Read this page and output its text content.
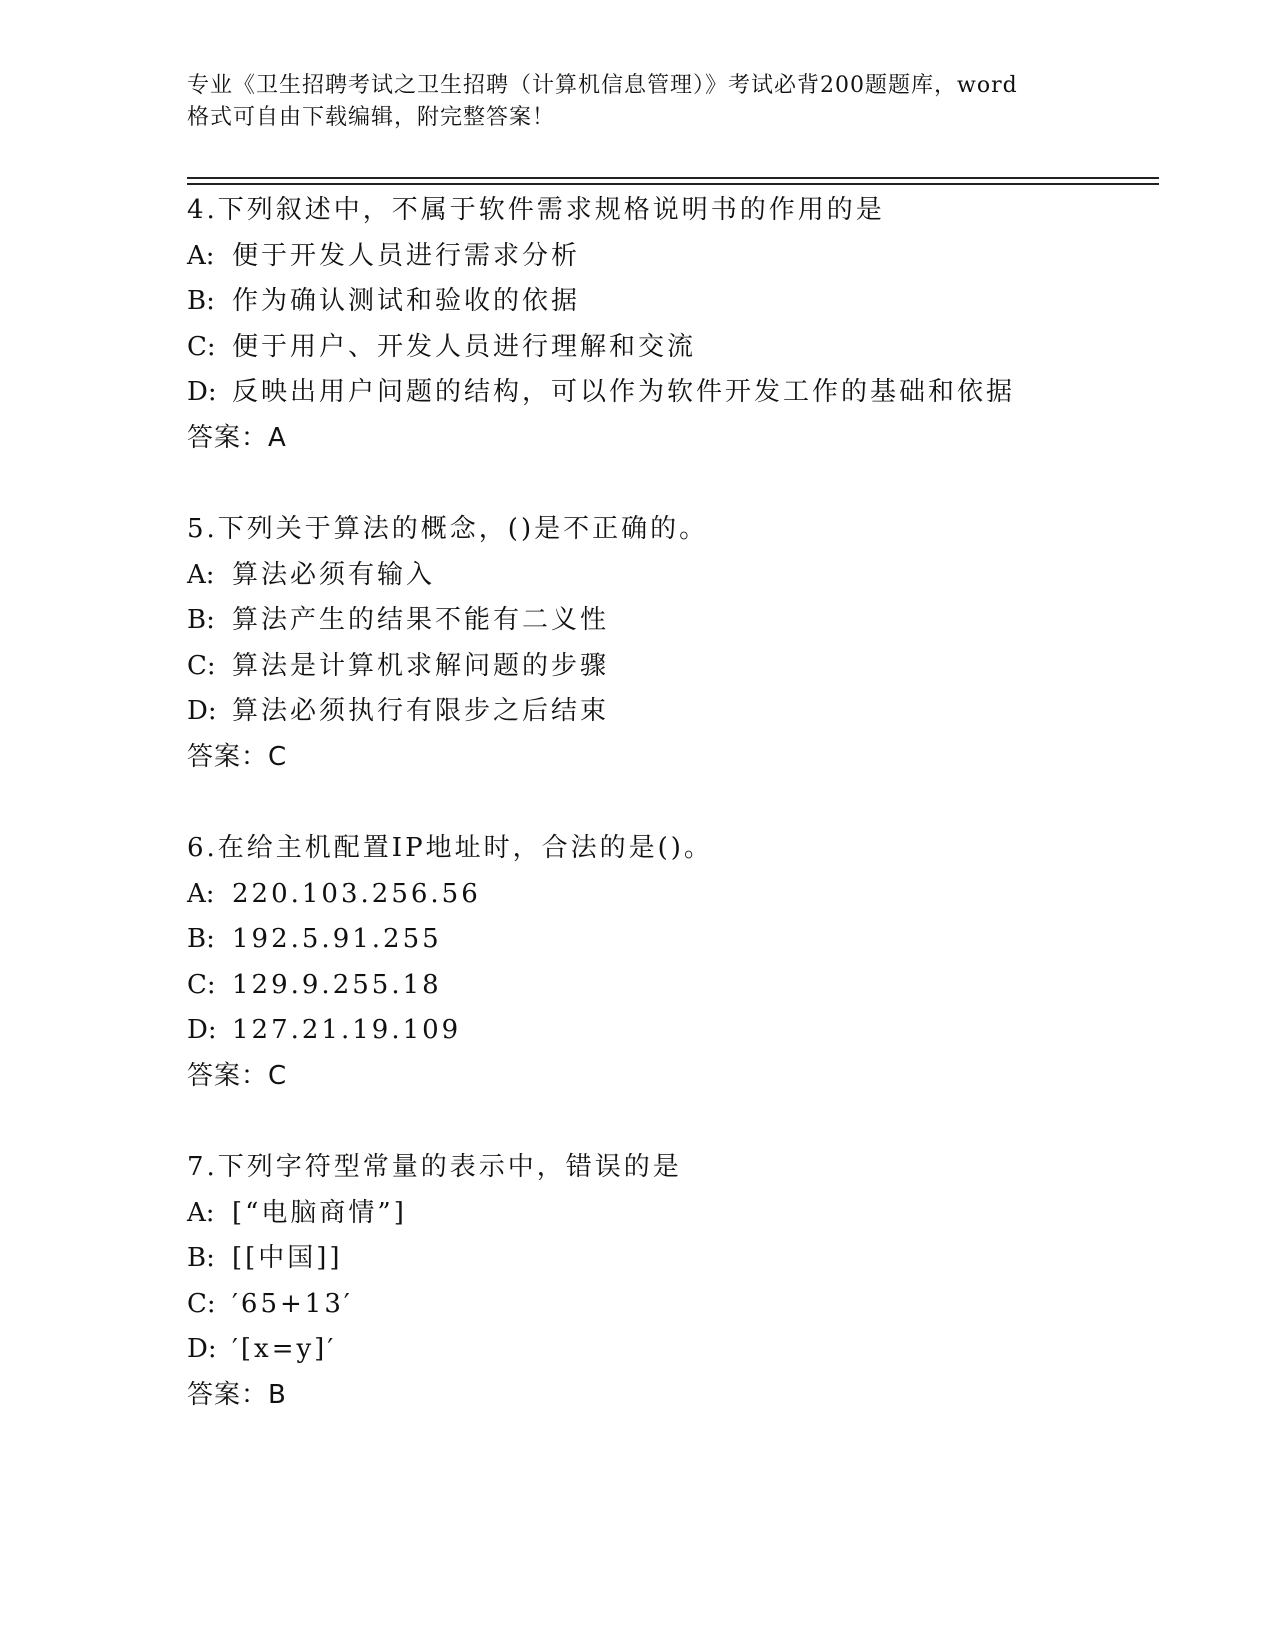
专业《卫生招聘考试之卫生招聘（计算机信息管理）》考试必背200题题库，word
格式可自由下载编辑，附完整答案！
4.下列叙述中，不属于软件需求规格说明书的作用的是
A: 便于开发人员进行需求分析
B: 作为确认测试和验收的依据
C: 便于用户、开发人员进行理解和交流
D: 反映出用户问题的结构，可以作为软件开发工作的基础和依据
答案：A
5.下列关于算法的概念，()是不正确的。
A: 算法必须有输入
B: 算法产生的结果不能有二义性
C: 算法是计算机求解问题的步骤
D: 算法必须执行有限步之后结束
答案：C
6.在给主机配置IP地址时，合法的是()。
A: 220.103.256.56
B: 192.5.91.255
C: 129.9.255.18
D: 127.21.19.109
答案：C
7.下列字符型常量的表示中，错误的是
A: [“电脑商情”]
B: [[中国]]
C: ′65+13′
D: ′[x=y]′
答案：B
